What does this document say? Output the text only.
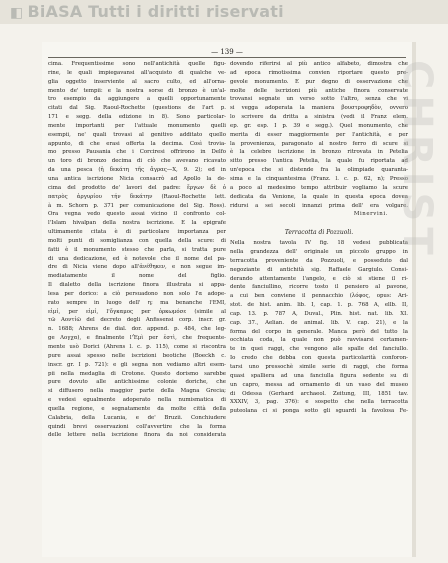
◧ BiASA Tutti i diritti riservati
— 139 —
cima. Frequentissime sono nell'antichità quelle figu-
rine, le quali impiegavansi all'acquisto di qualche ve-
glia oggetto inserviente al sacro culto, ed all'orna-
mento de' tempii: e la nostra sorse di bronzo è un'al-
tro esempio da aggiungere a quelli opportunamente
citati dal Sig. Raoul-Rochette (questions de l'art p.
171 e segg. della edizione in 8). Sono particolar-
mente importanti per l'attuale monumento quelli
esempii, ne' quali trovasi al genitivo additato quello
appunto, di che erasi offerta la decima. Così trovia-
mo presso Pausania che i Corciresi offrirono in Delfo
un toro di bronzo decima di ciò che avevano ricavato
da una pesca (ἡ δεκάτη τῆς ἄγρας—X, 9. 2); ed in
una antica iscrizione Nicia consacrò ad Apollo la de-
cima del prodotto de' lavori del padre: ἔργων δὲ ὁ
πατρὸς ἀργυρίου τήν δεκάτην (Raoul-Rochette lett.
à m. Schorn p. 371 per comunicazione del Sig. Ross).
Ora vegna vedo questo assai vicino il confronto col-
l'Islam hivalpan della nostra iscrizione. E la epigrafe
ultimamente citata è di particolare importanza per
molti punti di somiglianza con quella della scure: di
fatti è il monumento stesso che parla, si tratta pure
di una dedicazione, ed è notevole che il nome del pa-
dre di Nicia viene dopo all'ἀνέθηκεν, e non segue im-
mediatamente il nome del figlio.
Il dialetto della iscrizione finora illustrata si appa-
lesa per dorico: a ciò persuadono non solo l'α adope-
rato sempre in luogo dell' η; ma benanche l'ΕΜΙ,
εἰμί, per εἰμί, l'ὄγκαμος per ὀρκωμόσε (simile al
τῶ Αοντίῶ del decreto degli Anfissensi corp. inscr. gr.
n. 1688; Ahrens de dial. dor. append. p. 484, che leg-
ge Λογχα), e finalmente l'Ἐμὶ per ἐστὶ, che frequente-
mente usò Dorici (Ahrens l. c. p. 115), come si riscontra
pure assai spesso nelle iscrizioni beotiche (Boeckh c.
inscr. gr. I p. 721): e gli segna non vediamo altri esem-
pii nella medaglia di Crotone. Questo dorismo sarebbe
pure dovuto alle antichissime colonie doriche, che
si diffusero nella maggior parte della Magna Grecia;
e vedesi egualmente adoperato nella numismatica di
quella regione, e segnatamente da molte città della
Calabria, della Lucania, e de' Bruzii. Conchiudere
quindi brevi osservazioni coll'avvertire che la forma
delle lettere nella iscrizione finora da noi considerata
dovendo riferirsi al più antico alfabeto, dimostra che
ad epoca rimotissima convien riportare questo pre-
gevole monumento. E pur degno di osservazione che
molte delle iscrizioni più antiche finora conservate
trovansi segnate un verso sotto l'altro, senza che vi
si vegga adoperata la maniera βουστροφηδὸν, ovvero
lo scrivere da dritta a sinistra (vedi il Franz elem.
ep. gr. esp. I p. 39 e segg.). Quel monumento, che
merita di esser maggiormente per l'antichità, e per
la provenienza, paragonato al nostro ferro di scure si
è la celebre iscrizione in bronzo ritrovata in Petelia
sitto presso l'antica Petelia, la quale fu riportata ad
un'epoca che si distende fra la olimpiade quaranta-
sima e la cinquantesima (Franz. l. c. p. 62, n); Presso
a poco al medesimo tempo attribuir vogliamo la scure
dedicata da Venione, la quale in questa epoca dovea
ridursi a sei secoli innanzi prima dell' era volgare.
Minervini.
Terracotta di Pozzuoli.
Nella nostra tavola IV fig. 18 vedesi pubblicata
nella grandezza dell' originale un piccolo gruppo in
terracotta proveniente da Pozzuoli, e posseduto dal
negoziante di antichità sig. Raffaele Gargiulo. Consi-
derando attentamente l'angelo, e ciò si stiene il ri-
dente fanciullino, ricorre tosto il pensiero al pavone,
a cui ben conviene il pennacchio (λόφος, opus: Ari-
stot. de hist. anim. lib. I, cap. 1. p. 768 A, ellb. II,
cap. 13. p. 787 A, Duval., Plin. hist. nat. lib. XI.
cap. 37., Aelian. de animal. lib. V. cap. 21), e la
forma del corpo in generale. Manca però del tutto la
occhiata coda, la quale non può ravvisarsi certamen-
te in quei raggi, che vengono alle spalle del fanciullo.
Io credo che debba con questa particolarità conforon-
tarsi uno pressochè simile serie di raggi, che forma
quasi spalliera ad una fanciulla figura sedente su di
un capro, messa ad ornamento di un vaso del museo
di Odessa (Gerhard archaeol. Zeitung, III, 1851 tav.
XXXIV, 3, pag. 376): e sospetto che nella terracotta
puteolana ci si ponga sotto gli sguardi la favolosa Fe-
CHRIST
